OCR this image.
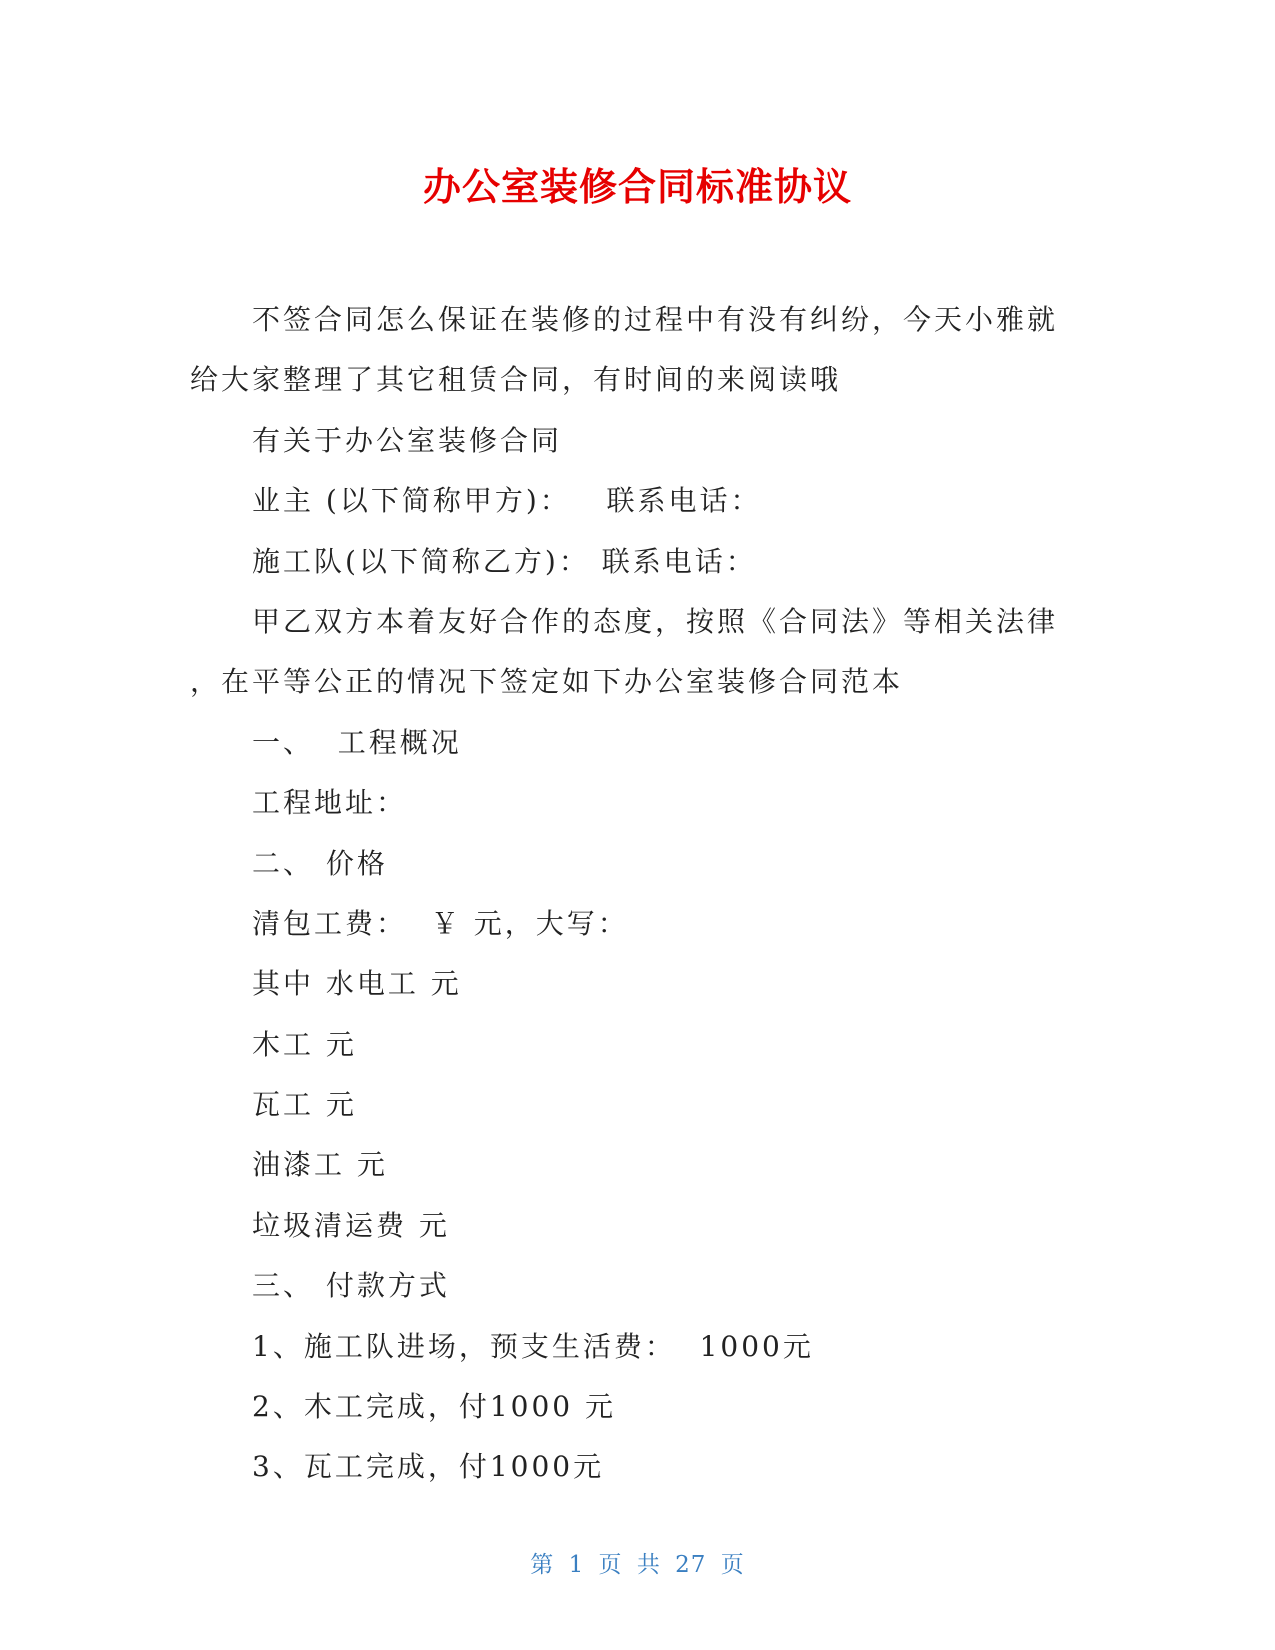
办公室装修合同标准协议
不签合同怎么保证在装修的过程中有没有纠纷，今天小雅就
给大家整理了其它租赁合同，有时间的来阅读哦
有关于办公室装修合同
业主 (以下简称甲方)：   联系电话：
施工队(以下简称乙方)： 联系电话：
甲乙双方本着友好合作的态度，按照《合同法》等相关法律
，在平等公正的情况下签定如下办公室装修合同范本
一、  工程概况
工程地址：
二、 价格
清包工费：  ￥ 元，大写：
其中 水电工 元
木工 元
瓦工 元
油漆工 元
垃圾清运费 元
三、 付款方式
1、施工队进场，预支生活费：  1000元
2、木工完成，付1000 元
3、瓦工完成，付1000元
第 1 页 共 27 页
